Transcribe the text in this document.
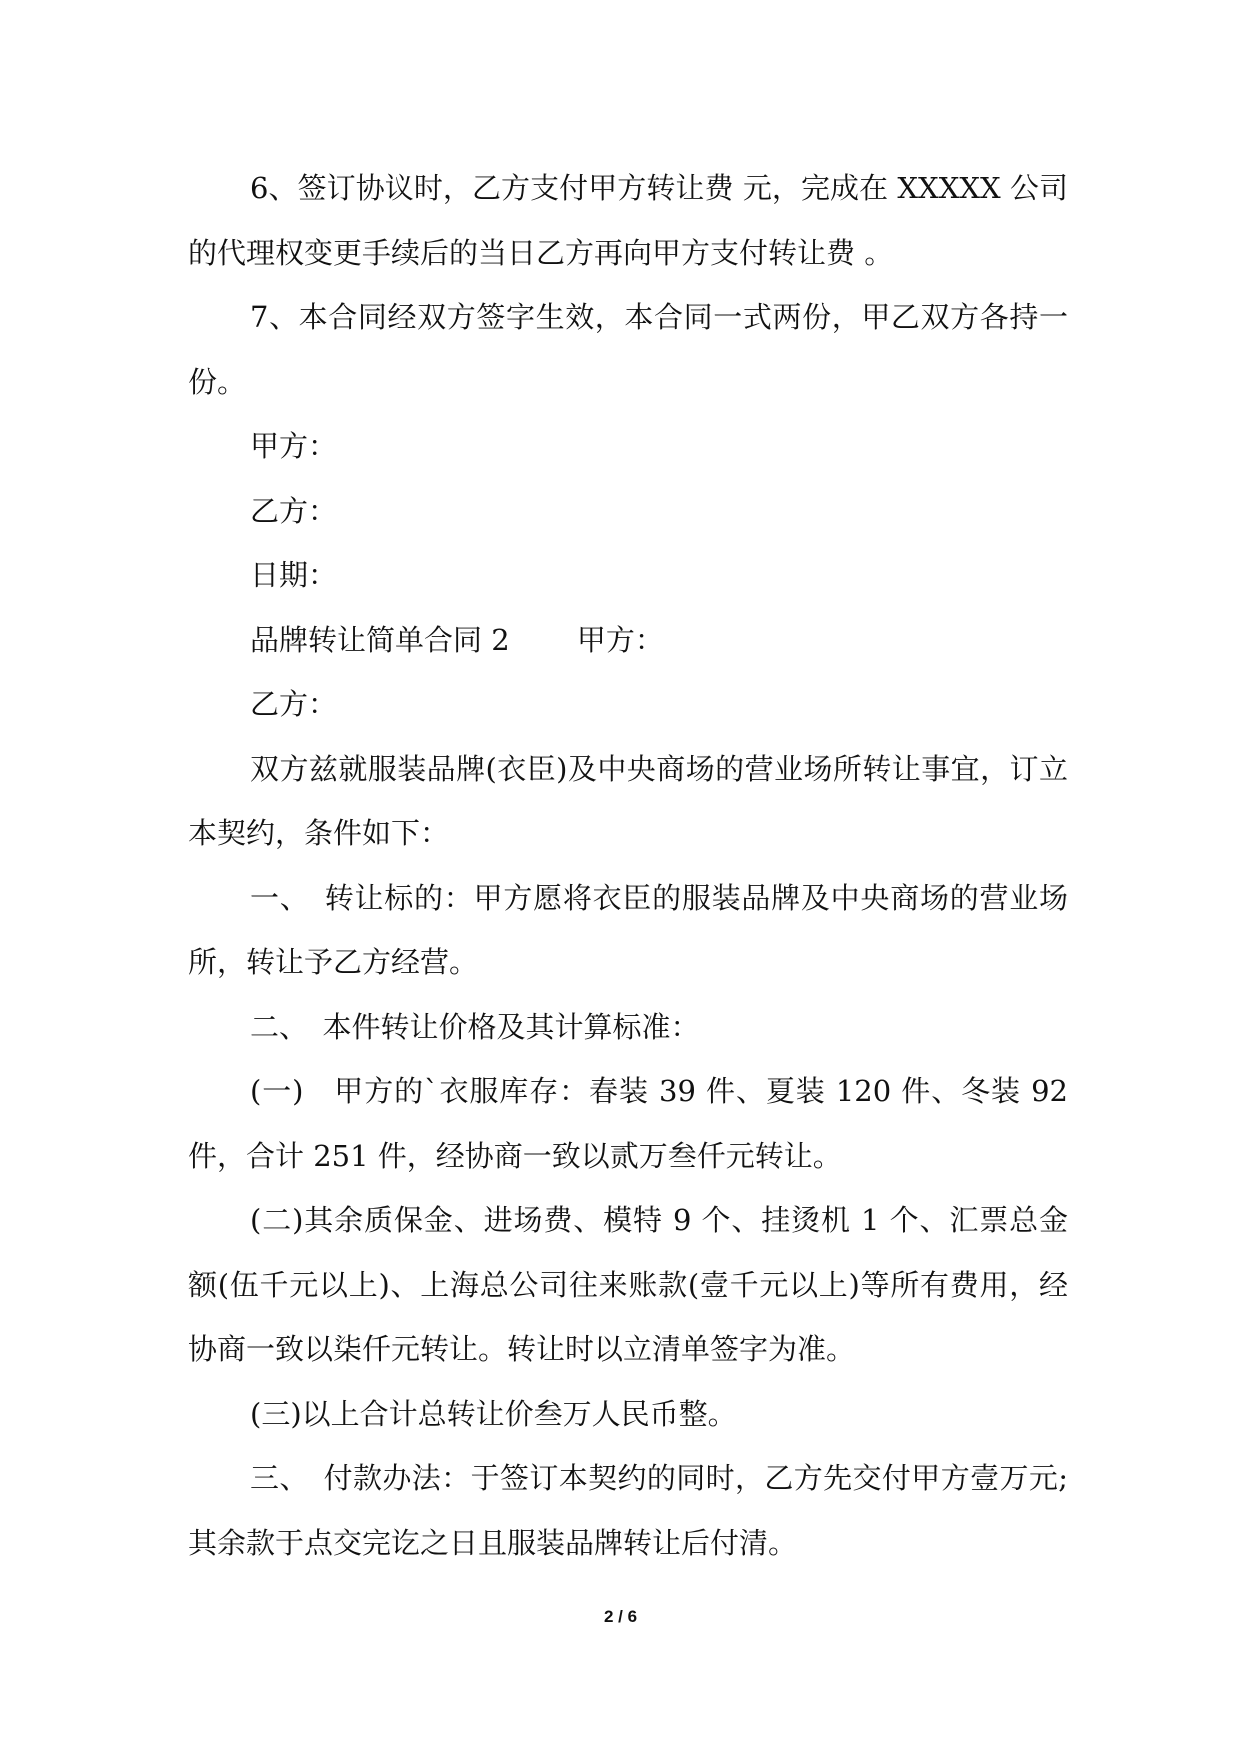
6、签订协议时，乙方支付甲方转让费 元，完成在 XXXXX 公司的代理权变更手续后的当日乙方再向甲方支付转让费 。

7、本合同经双方签字生效，本合同一式两份，甲乙双方各持一份。

甲方：

乙方：

日期：

品牌转让简单合同 2　　 甲方：

乙方：

双方兹就服装品牌(衣臣)及中央商场的营业场所转让事宜，订立本契约，条件如下：

一、　转让标的：甲方愿将衣臣的服装品牌及中央商场的营业场所，转让予乙方经营。

二、　本件转让价格及其计算标准：

(一)　甲方的`衣服库存：春装 39 件、夏装 120 件、冬装 92 件，合计 251 件，经协商一致以贰万叁仟元转让。

(二)其余质保金、进场费、模特 9 个、挂烫机 1 个、汇票总金额(伍千元以上)、上海总公司往来账款(壹千元以上)等所有费用，经协商一致以柒仟元转让。转让时以立清单签字为准。

(三)以上合计总转让价叁万人民币整。

三、　付款办法：于签订本契约的同时，乙方先交付甲方壹万元;其余款于点交完讫之日且服装品牌转让后付清。

2 / 6
